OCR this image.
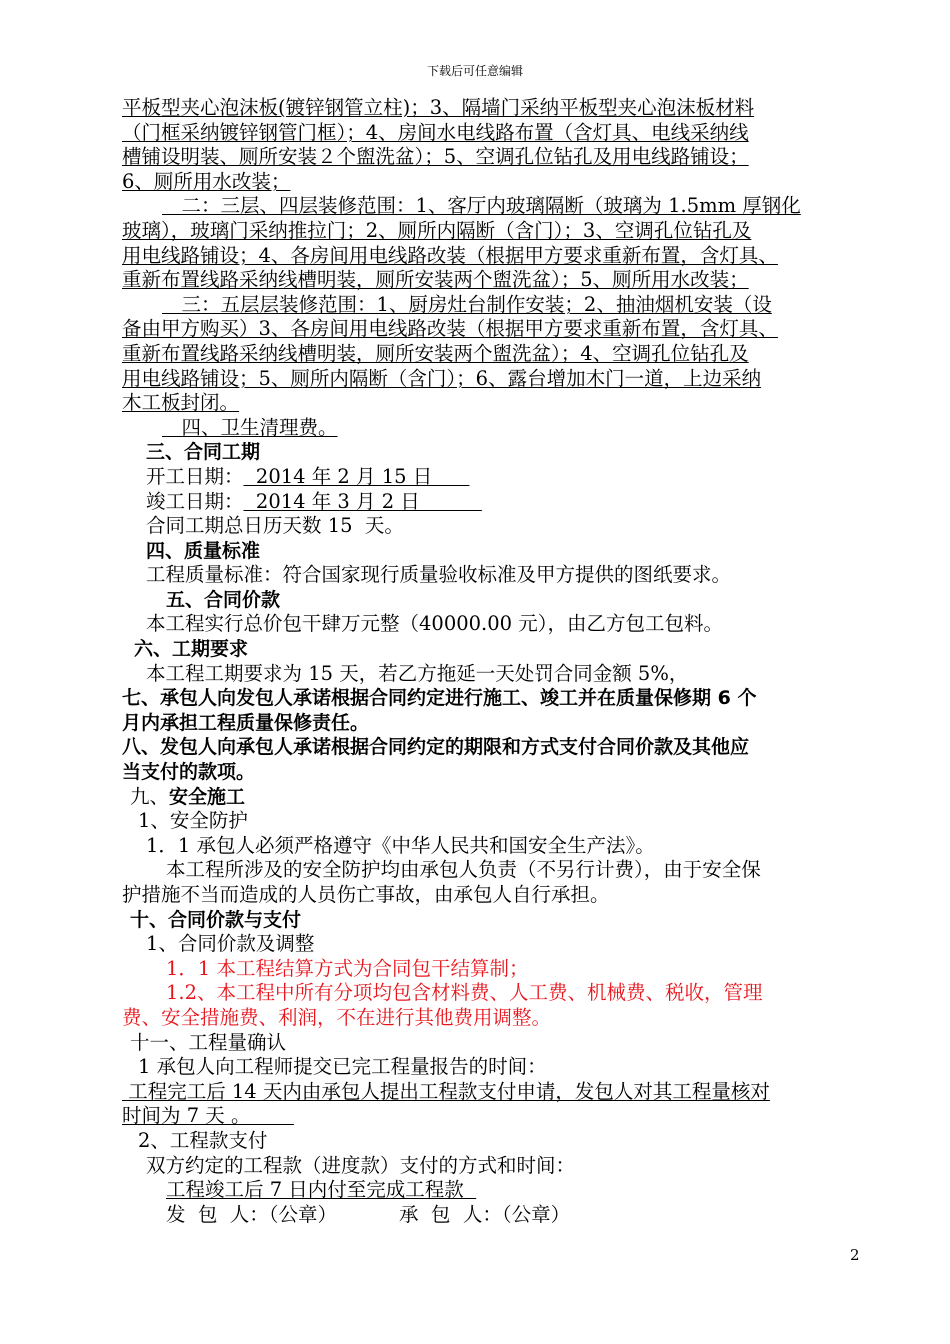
下载后可任意编辑
平板型夹心泡沫板(镀锌钢管立柱)；3、隔墙门采纳平板型夹心泡沫板材料
（门框采纳镀锌钢管门框）；4、房间水电线路布置（含灯具、电线采纳线
槽铺设明装、厕所安装２个盥洗盆）；5、空调孔位钻孔及用电线路铺设；
6、厕所用水改装；
　二：三层、四层装修范围：1、客厅内玻璃隔断（玻璃为 1.5mm 厚钢化
玻璃），玻璃门采纳推拉门；2、厕所内隔断（含门）；3、空调孔位钻孔及
用电线路铺设；4、各房间用电线路改装（根据甲方要求重新布置，含灯具、
重新布置线路采纳线槽明装，厕所安装两个盥洗盆）；5、厕所用水改装；
　三：五层层装修范围：1、厨房灶台制作安装；2、抽油烟机安装（设
备由甲方购买）3、各房间用电线路改装（根据甲方要求重新布置，含灯具、
重新布置线路采纳线槽明装，厕所安装两个盥洗盆）；4、空调孔位钻孔及
用电线路铺设；5、厕所内隔断（含门）；6、露台增加木门一道，上边采纳
木工板封闭。
　四、卫生清理费。
三、合同工期
开工日期：  2014 年 2 月 15 日
竣工日期：  2014 年 3 月 2 日
合同工期总日历天数 15  天。
四、质量标准
工程质量标准：符合国家现行质量验收标准及甲方提供的图纸要求。
五、合同价款
本工程实行总价包干肆万元整（40000.00 元），由乙方包工包料。
六、工期要求
本工程工期要求为 15 天，若乙方拖延一天处罚合同金额 5%，
七、承包人向发包人承诺根据合同约定进行施工、竣工并在质量保修期 6 个
月内承担工程质量保修责任。
八、发包人向承包人承诺根据合同约定的期限和方式支付合同价款及其他应
当支付的款项。
九、安全施工
1、安全防护
1．1 承包人必须严格遵守《中华人民共和国安全生产法》。
本工程所涉及的安全防护均由承包人负责（不另行计费），由于安全保
护措施不当而造成的人员伤亡事故，由承包人自行承担。
十、合同价款与支付
1、合同价款及调整
1．1 本工程结算方式为合同包干结算制；
1.2、本工程中所有分项均包含材料费、人工费、机械费、税收，管理
费、安全措施费、利润，不在进行其他费用调整。
十一、工程量确认
1 承包人向工程师提交已完工程量报告的时间：
工程完工后 14 天内由承包人提出工程款支付申请，发包人对其工程量核对
时间为 7 天 。
2、工程款支付
双方约定的工程款（进度款）支付的方式和时间：
工程竣工后 7 日内付至完成工程款
发  包  人：（公章）          承  包  人：（公章）
2
